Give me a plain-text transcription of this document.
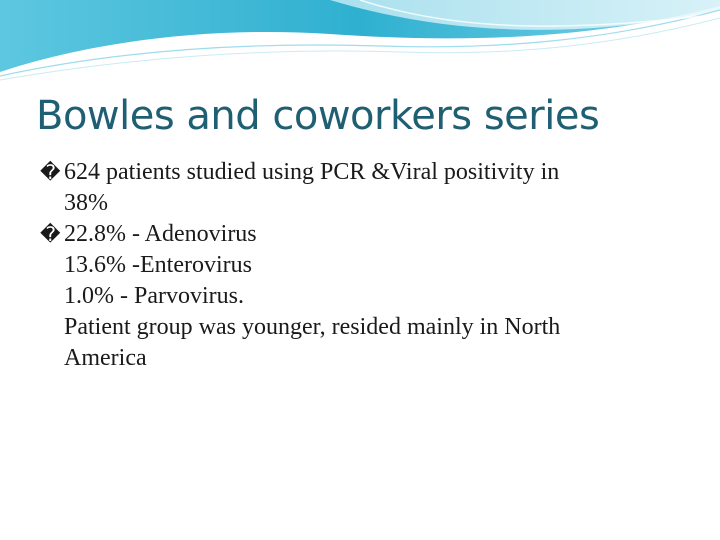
Bowles and coworkers series
� 624 patients studied using PCR &Viral positivity in
38%
� 22.8% - Adenovirus
13.6% -Enterovirus
1.0% - Parvovirus.
Patient group was younger, resided mainly in North
America
